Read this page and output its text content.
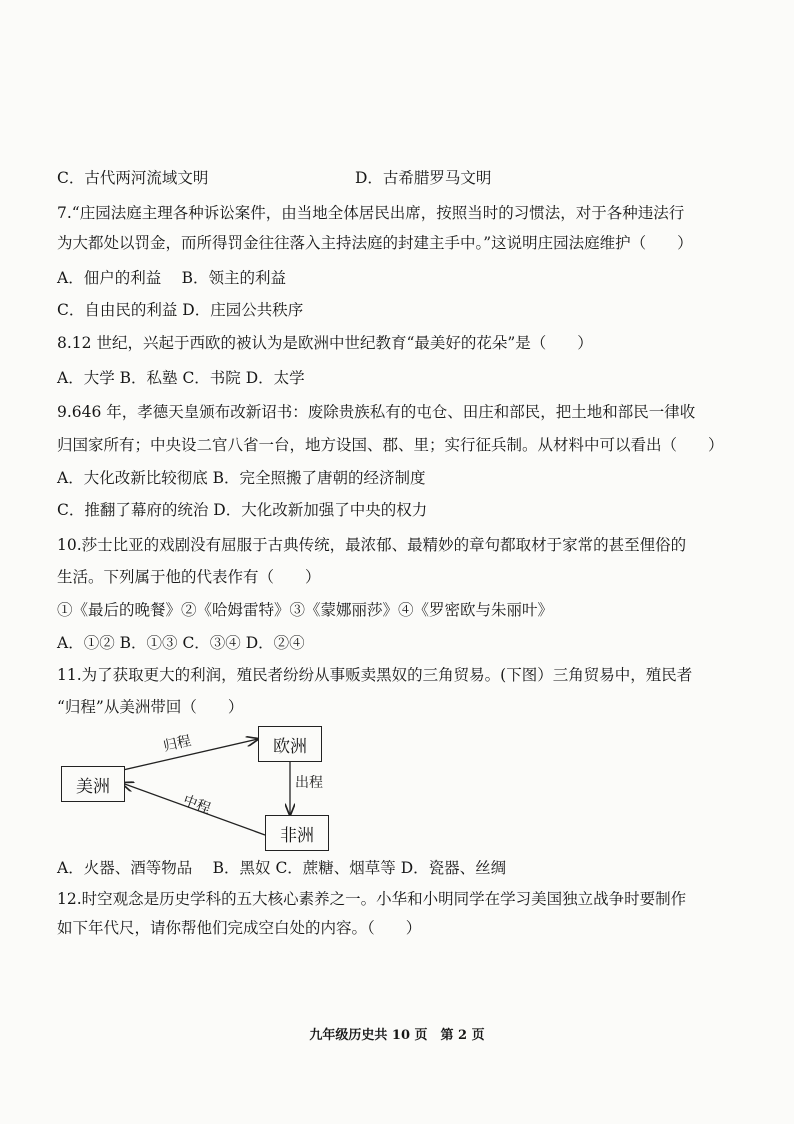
C．古代两河流域文明	D．古希腊罗马文明
7.“庄园法庭主理各种诉讼案件，由当地全体居民出席，按照当时的习惯法，对于各种违法行
为大都处以罚金，而所得罚金往往落入主持法庭的封建主手中。”这说明庄园法庭维护（　　）
A．佃户的利益　 B．领主的利益
C．自由民的利益 D．庄园公共秩序
8.12 世纪，兴起于西欧的被认为是欧洲中世纪教育“最美好的花朵”是（　　）
A．大学 B．私塾 C．书院 D．太学
9.646 年，孝德天皇颁布改新诏书：废除贵族私有的屯仓、田庄和部民，把土地和部民一律收
归国家所有；中央设二官八省一台，地方设国、郡、里；实行征兵制。从材料中可以看出（　　）
A．大化改新比较彻底 B．完全照搬了唐朝的经济制度
C．推翻了幕府的统治 D．大化改新加强了中央的权力
10.莎士比亚的戏剧没有屈服于古典传统，最浓郁、最精妙的章句都取材于家常的甚至俚俗的
生活。下列属于他的代表作有（　　）
①《最后的晚餐》②《哈姆雷特》③《蒙娜丽莎》④《罗密欧与朱丽叶》
A．①② B．①③ C．③④ D．②④
11.为了获取更大的利润，殖民者纷纷从事贩卖黑奴的三角贸易。(下图）三角贸易中，殖民者
“归程”从美洲带回（　　）
欧洲
美洲
非洲
归程
出程
中程
A．火器、酒等物品　 B．黑奴 C．蔗糖、烟草等 D．瓷器、丝绸
12.时空观念是历史学科的五大核心素养之一。小华和小明同学在学习美国独立战争时要制作
如下年代尺，请你帮他们完成空白处的内容。（　　）
九年级历史共 10 页　第 2 页
